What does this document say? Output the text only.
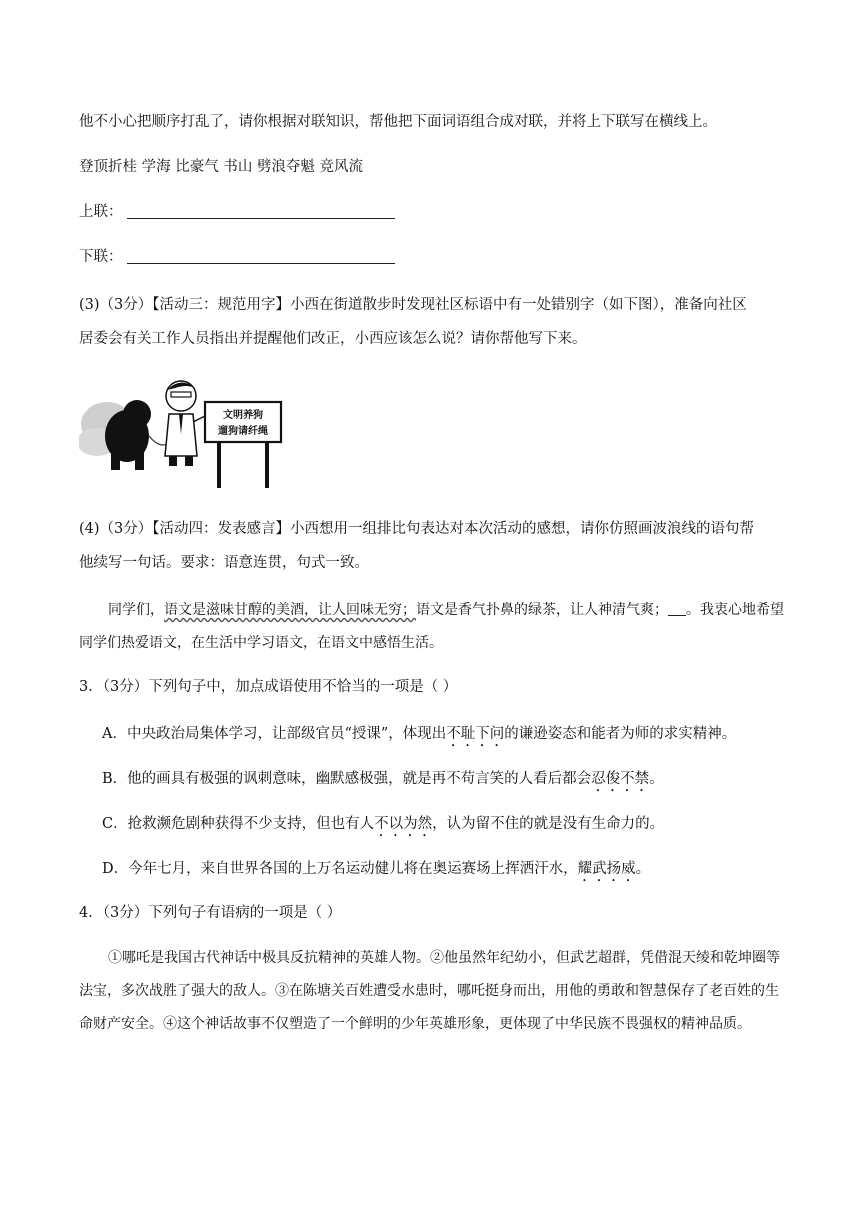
他不小心把顺序打乱了，请你根据对联知识，帮他把下面词语组合成对联，并将上下联写在横线上。
登顶折桂 学海 比豪气 书山 劈浪夺魁 竞风流
上联：
下联：
(3)（3分）【活动三：规范用字】小西在街道散步时发现社区标语中有一处错别字（如下图），准备向社区
居委会有关工作人员指出并提醒他们改正，小西应该怎么说？请你帮他写下来。
文明养狗
遛狗请纤绳
(4)（3分）【活动四：发表感言】小西想用一组排比句表达对本次活动的感想，请你仿照画波浪线的语句帮
他续写一句话。要求：语意连贯，句式一致。
同学们，语文是滋味甘醇的美酒，让人回味无穷；语文是香气扑鼻的绿茶，让人神清气爽； 。我衷心地希望同学们热爱语文，在生活中学习语文，在语文中感悟生活。
3．（3分）下列句子中，加点成语使用不恰当的一项是（ ）
A．中央政治局集体学习，让部级官员“授课”，体现出不耻下问的谦逊姿态和能者为师的求实精神。
B．他的画具有极强的讽刺意味，幽默感极强，就是再不苟言笑的人看后都会忍俊不禁。
C．抢救濒危剧种获得不少支持，但也有人不以为然，认为留不住的就是没有生命力的。
D．今年七月，来自世界各国的上万名运动健儿将在奥运赛场上挥洒汗水，耀武扬威。
4．（3分）下列句子有语病的一项是（ ）
①哪吒是我国古代神话中极具反抗精神的英雄人物。②他虽然年纪幼小，但武艺超群，凭借混天绫和乾坤圈等法宝，多次战胜了强大的敌人。③在陈塘关百姓遭受水患时，哪吒挺身而出，用他的勇敢和智慧保存了老百姓的生命财产安全。④这个神话故事不仅塑造了一个鲜明的少年英雄形象，更体现了中华民族不畏强权的精神品质。
